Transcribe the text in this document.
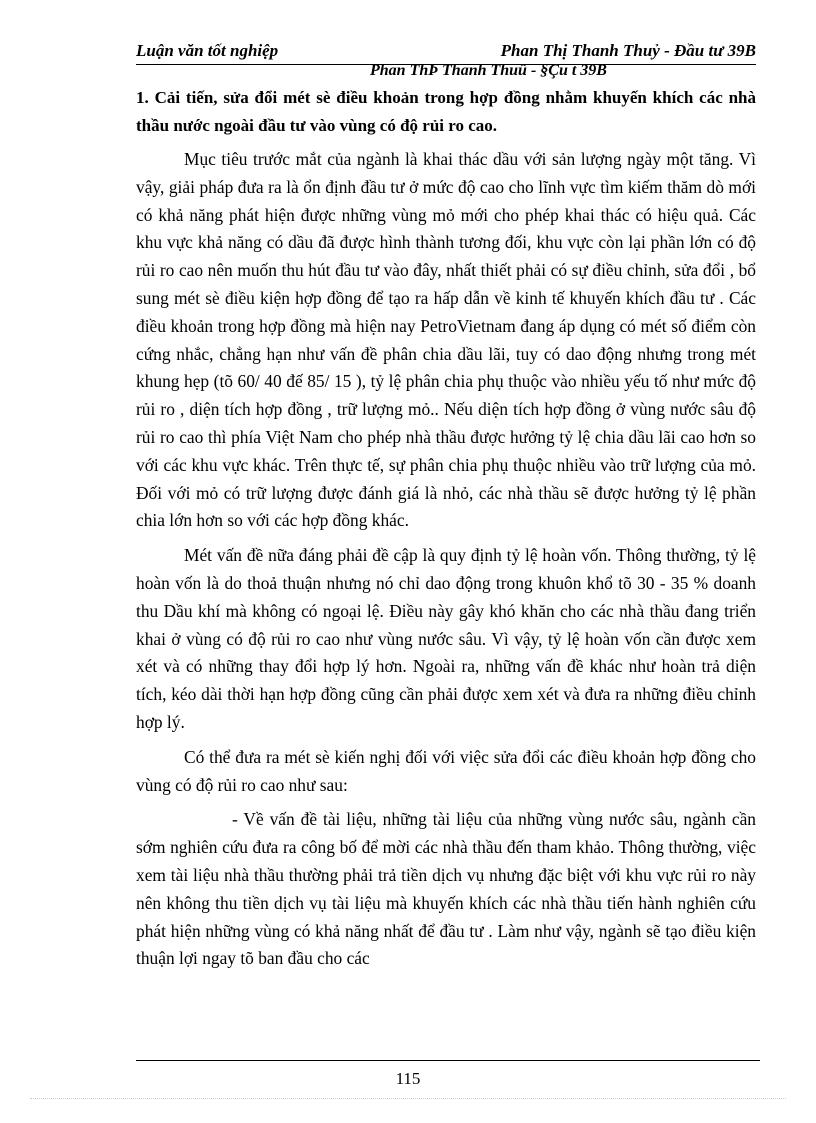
Luận văn tốt nghiệp	Phan Thị Thanh Thuỷ - Đầu tư 39B
Phan ThÞ Thanh Thuû - §Çu t 39B

1. Cải tiến, sửa đổi mét sè điều khoản trong hợp đồng nhằm khuyến khích các nhà thầu nước ngoài đầu tư vào vùng có độ rủi ro cao.

Mục tiêu trước mắt của ngành là khai thác dầu với sản lượng ngày một tăng. Vì vậy, giải pháp đưa ra là ổn định đầu tư ở mức độ cao cho lĩnh vực tìm kiếm thăm dò mới có khả năng phát hiện được những vùng mỏ mới cho phép khai thác có hiệu quả. Các khu vực khả năng có dầu đã được hình thành tương đối, khu vực còn lại phần lớn có độ rủi ro cao nên muốn thu hút đầu tư vào đây, nhất thiết phải có sự điều chỉnh, sửa đổi , bổ sung mét sè điều kiện hợp đồng để tạo ra hấp dẫn về kinh tế khuyến khích đầu tư . Các điều khoản trong hợp đồng mà hiện nay PetroVietnam đang áp dụng có mét số điểm còn cứng nhắc, chẳng hạn như vấn đề phân chia dầu lãi, tuy có dao động nhưng trong mét khung hẹp (tõ 60/ 40 đế 85/ 15 ), tỷ lệ phân chia phụ thuộc vào nhiều yếu tố như mức độ rủi ro , diện tích hợp đồng , trữ lượng mỏ.. Nếu diện tích hợp đồng ở vùng nước sâu độ rủi ro cao thì phía Việt Nam cho phép nhà thầu được hưởng tỷ lệ chia dầu lãi cao hơn so với các khu vực khác. Trên thực tế, sự phân chia phụ thuộc nhiều vào trữ lượng của mỏ. Đối với mỏ có trữ lượng được đánh giá là nhỏ, các nhà thầu sẽ được hưởng tỷ lệ phần chia lớn hơn so với các hợp đồng khác.

Mét vấn đề nữa đáng phải đề cập là quy định tỷ lệ hoàn vốn. Thông thường, tỷ lệ hoàn vốn là do thoả thuận nhưng nó chỉ dao động trong khuôn khổ tõ 30 - 35 % doanh thu Dầu khí mà không có ngoại lệ. Điều này gây khó khăn cho các nhà thầu đang triển khai ở vùng có độ rủi ro cao như vùng nước sâu. Vì vậy, tỷ lệ hoàn vốn cần được xem xét và có những thay đổi hợp lý hơn. Ngoài ra, những vấn đề khác như hoàn trả diện tích, kéo dài thời hạn hợp đồng cũng cần phải được xem xét và đưa ra những điều chỉnh hợp lý.

Có thể đưa ra mét sè kiến nghị đối với việc sửa đổi các điều khoản hợp đồng cho vùng có độ rủi ro cao như sau:

- Về vấn đề tài liệu, những tài liệu của những vùng nước sâu, ngành cần sớm nghiên cứu đưa ra công bố để mời các nhà thầu đến tham khảo. Thông thường, việc xem tài liệu nhà thầu thường phải trả tiền dịch vụ nhưng đặc biệt với khu vực rủi ro này nên không thu tiền dịch vụ tài liệu mà khuyến khích các nhà thầu tiến hành nghiên cứu phát hiện những vùng có khả năng nhất để đầu tư . Làm như vậy, ngành sẽ tạo điều kiện thuận lợi ngay tõ ban đầu cho các

115
